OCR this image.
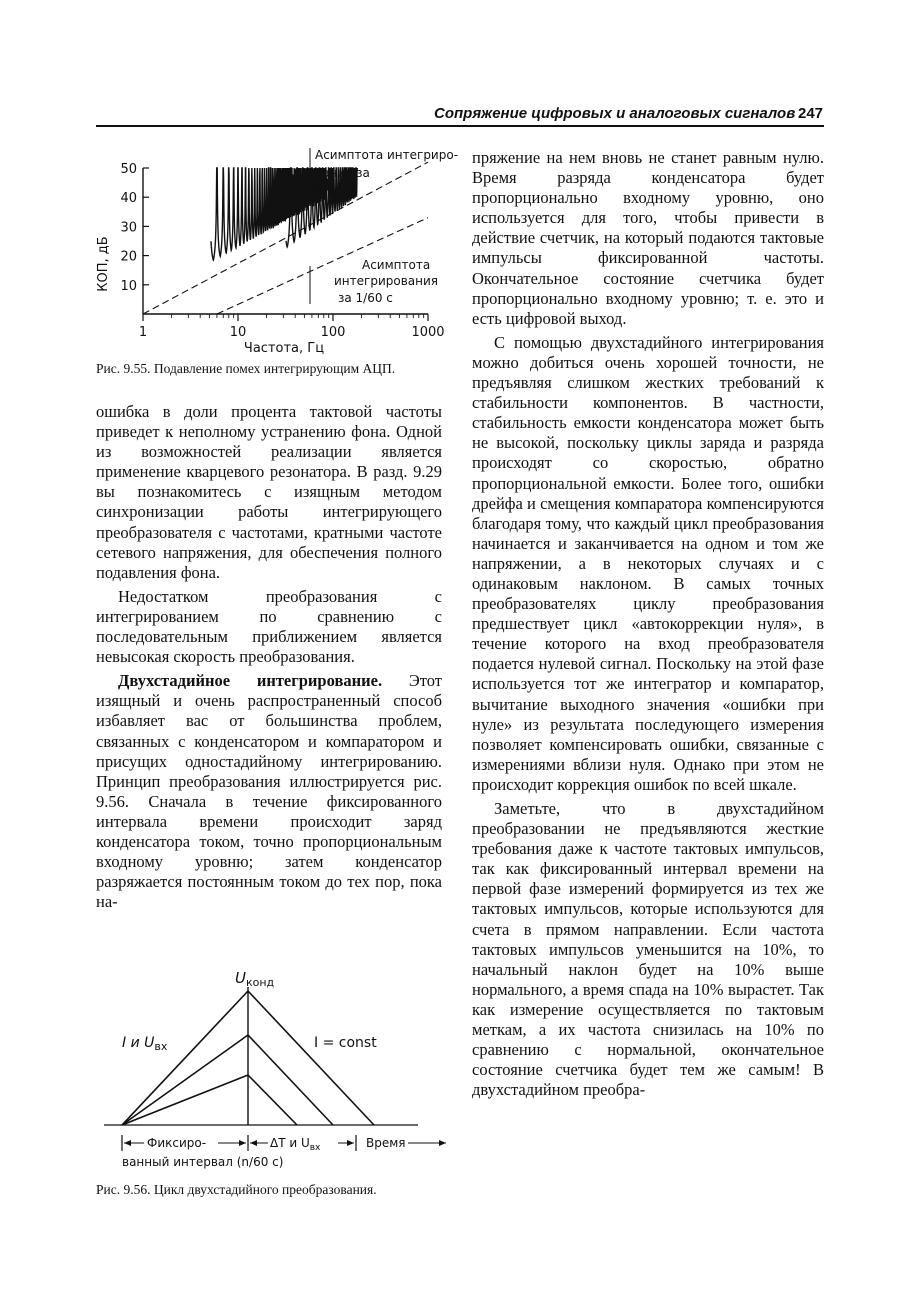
Сопряжение цифровых и аналоговых сигналов 247
50
40
30
20
10
1	10	100	1000
КОП, дБ
Частота, Гц
Асимптота интегриро-
вания за
1/10 с
Асимптота
интегрирования
за 1/60 с
Рис. 9.55. Подавление помех интегрирующим АЦП.

пряжение на нем вновь не станет равным нулю. Время разряда конденсатора будет пропорционально входному уровню, оно используется для того, чтобы привести в действие счетчик, на который подаются тактовые импульсы фиксированной частоты. Окончательное состояние счетчика будет пропорционально входному уровню; т. е. это и есть цифровой выход.

С помощью двухстадийного интегрирования можно добиться очень хорошей точности, не предъявляя слишком жестких требований к стабильности компонентов. В частности, стабильность емкости конденсатора может быть не высокой, поскольку циклы заряда и разряда происходят со скоростью, обратно пропорциональной емкости. Более того, ошибки дрейфа и смещения компаратора компенсируются благодаря тому, что каждый цикл преобразования начинается и заканчивается на одном и том же напряжении, а в некоторых случаях и с одинаковым наклоном. В самых точных преобразователях циклу преобразования предшествует цикл «автокоррекции нуля», в течение которого на вход преобразователя подается нулевой сигнал. Поскольку на этой фазе используется тот же интегратор и компаратор, вычитание выходного значения «ошибки при нуле» из результата последующего измерения позволяет компенсировать ошибки, связанные с измерениями вблизи нуля. Однако при этом не происходит коррекция ошибок по всей шкале.

Заметьте, что в двухстадийном преобразовании не предъявляются жесткие требования даже к частоте тактовых импульсов, так как фиксированный интервал времени на первой фазе измерений формируется из тех же тактовых импульсов, которые используются для счета в прямом направлении. Если частота тактовых импульсов уменьшится на 10%, то начальный наклон будет на 10% выше нормального, а время спада на 10% вырастет. Так как измерение осуществляется по тактовым меткам, а их частота снизилась на 10% по сравнению с нормальной, окончательное состояние счетчика будет тем же самым! В двухстадийном преобра-

ошибка в доли процента тактовой частоты приведет к неполному устранению фона. Одной из возможностей реализации является применение кварцевого резонатора. В разд. 9.29 вы познакомитесь с изящным методом синхронизации работы интегрирующего преобразователя с частотами, кратными частоте сетевого напряжения, для обеспечения полного подавления фона.

Недостатком преобразования с интегрированием по сравнению с последовательным приближением является невысокая скорость преобразования.

Двухстадийное интегрирование. Этот изящный и очень распространенный способ избавляет вас от большинства проблем, связанных с конденсатором и компаратором и присущих одностадийному интегрированию. Принцип преобразования иллюстрируется рис. 9.56. Сначала в течение фиксированного интервала времени происходит заряд конденсатора током, точно пропорциональным входному уровню; затем конденсатор разряжается постоянным током до тех пор, пока на-

$U_{конд}$
I и $U_{вх}$	I = const
Фиксиро-
ванный интервал (n/60 с)
ΔT и $U_{вх}$	Время
Рис. 9.56. Цикл двухстадийного преобразования.
